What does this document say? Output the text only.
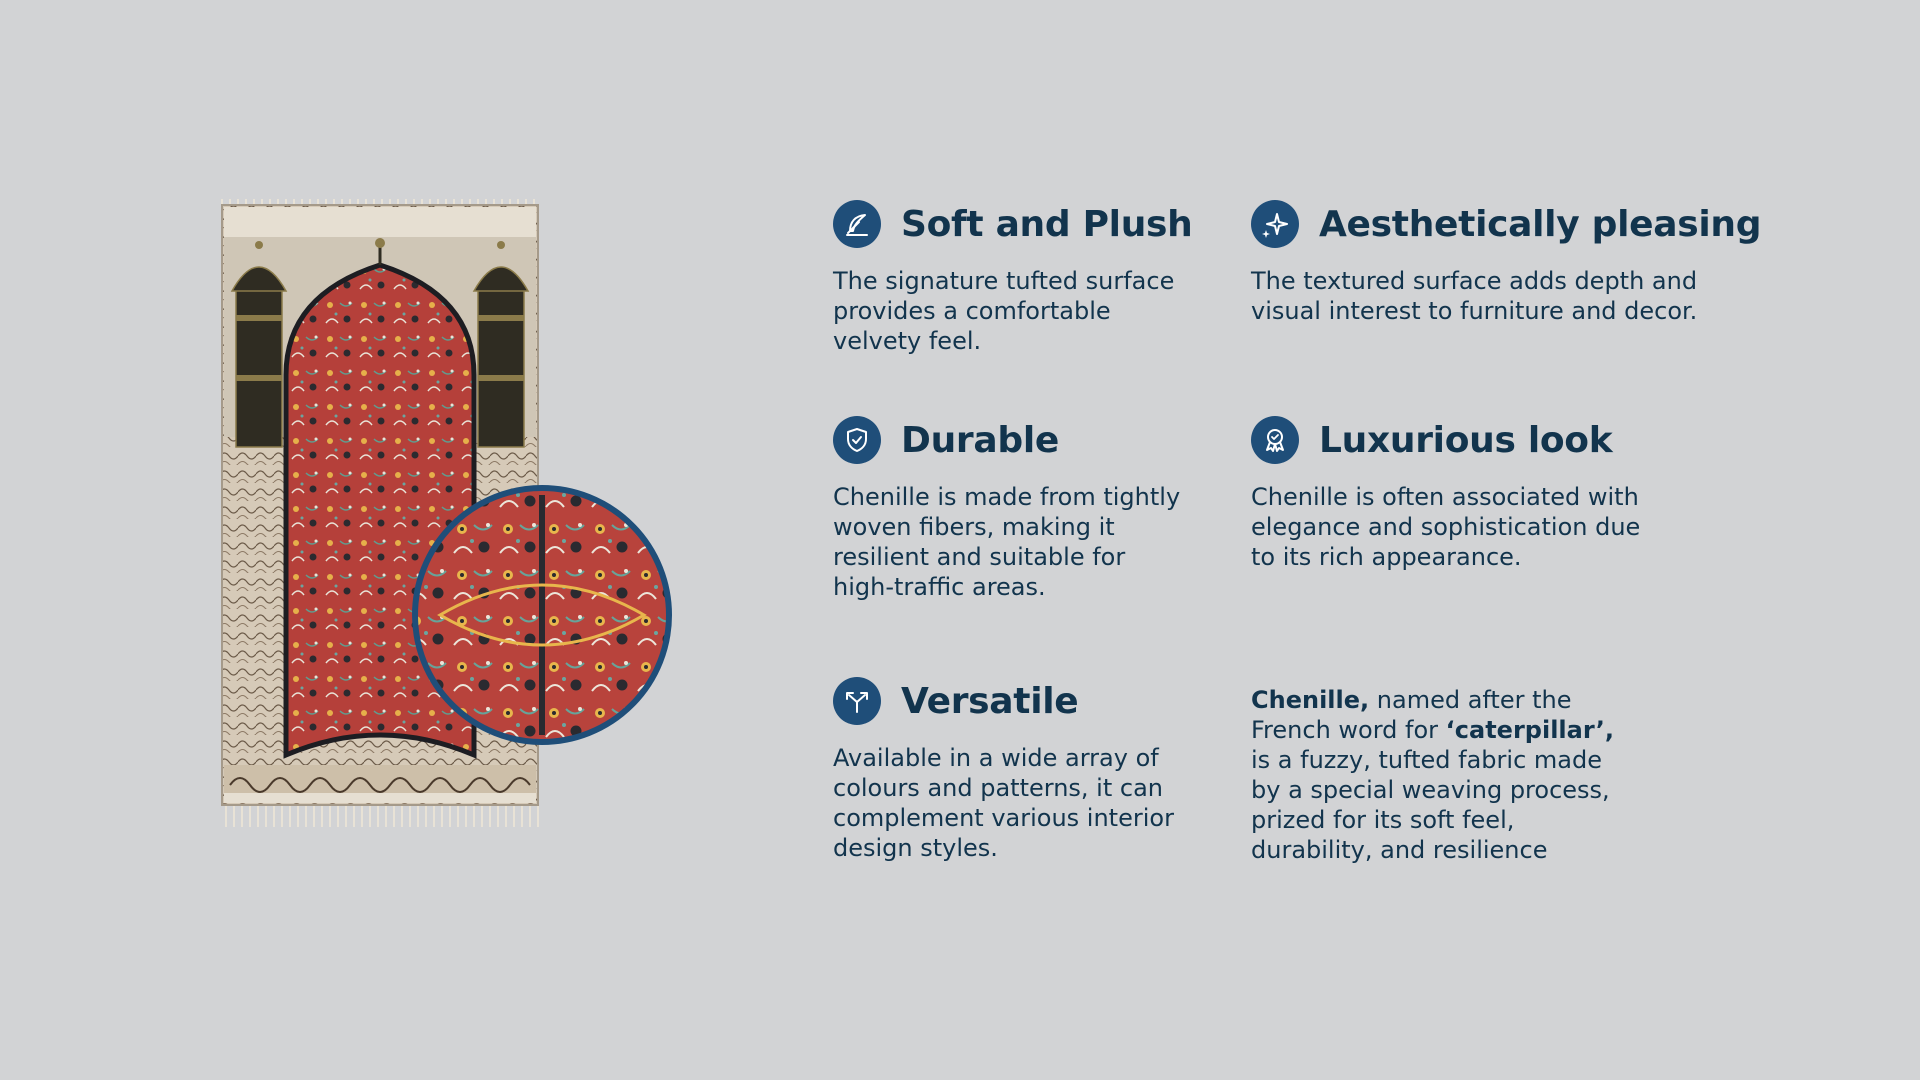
Soft and Plush
The signature tufted surface
provides a comfortable
velvety feel.
Aesthetically pleasing
The textured surface adds depth and
visual interest to furniture and decor.
Durable
Chenille is made from tightly
woven fibers, making it
resilient and suitable for
high-traffic areas.
Luxurious look
Chenille is often associated with
elegance and sophistication due
to its rich appearance.
Versatile
Available in a wide array of
colours and patterns, it can
complement various interior
design styles.
Chenille, named after the
French word for ‘caterpillar’,
is a fuzzy, tufted fabric made
by a special weaving process,
prized for its soft feel,
durability, and resilience
